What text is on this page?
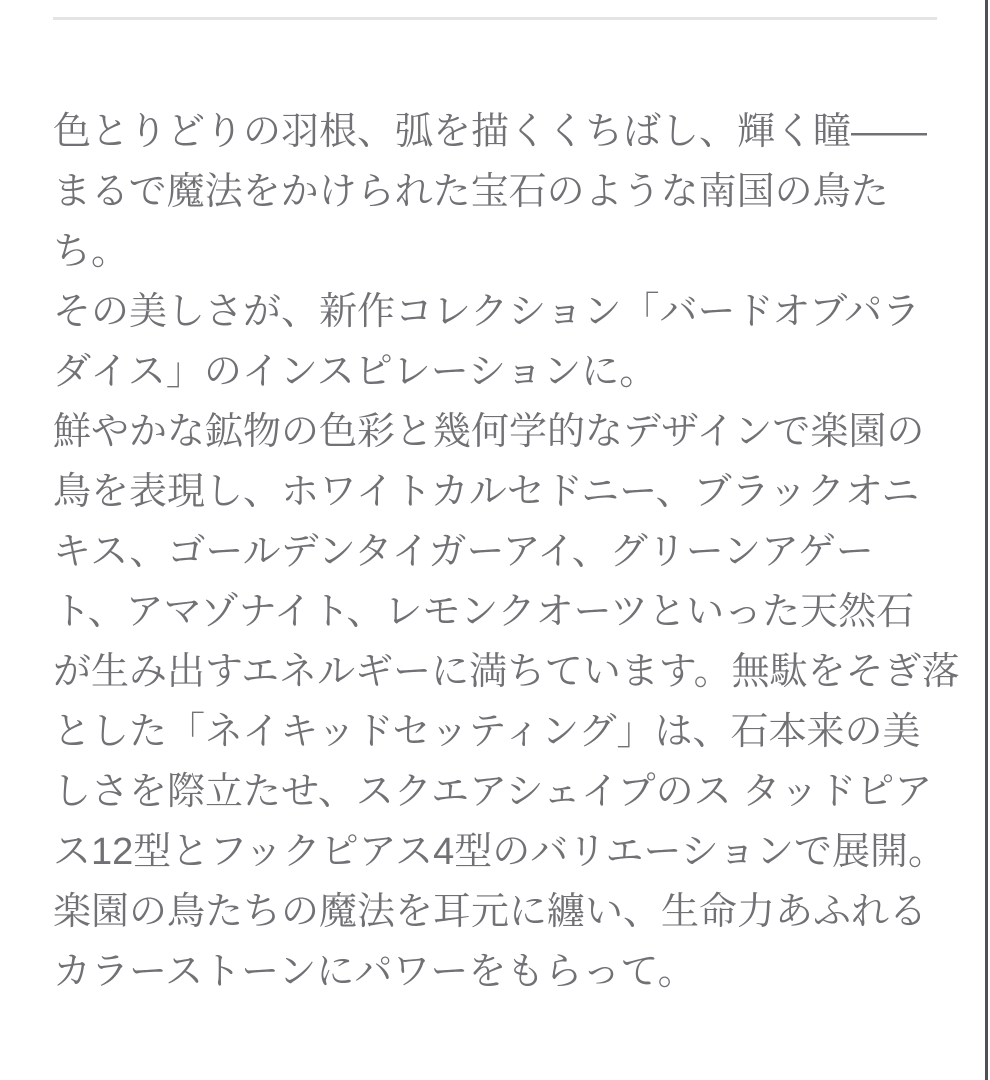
色とりどりの羽根、弧を描くくちばし、輝く瞳――
まるで魔法をかけられた宝石のような南国の鳥た
ち。
その美しさが、新作コレクション「バードオブパラ
ダイス」のインスピレーションに。
鮮やかな鉱物の色彩と幾何学的なデザインで楽園の
鳥を表現し、ホワイトカルセドニー、ブラックオニ
キス、ゴールデンタイガーアイ、グリーンアゲー
ト、アマゾナイト、レモンクオーツといった天然石
が生み出すエネルギーに満ちています。無駄をそぎ落
とした「ネイキッドセッティング」は、石本来の美
しさを際立たせ、スクエアシェイプのス タッドピア
ス12型とフックピアス4型のバリエーションで展開。
楽園の鳥たちの魔法を耳元に纏い、生命力あふれる
カラーストーンにパワーをもらって。
